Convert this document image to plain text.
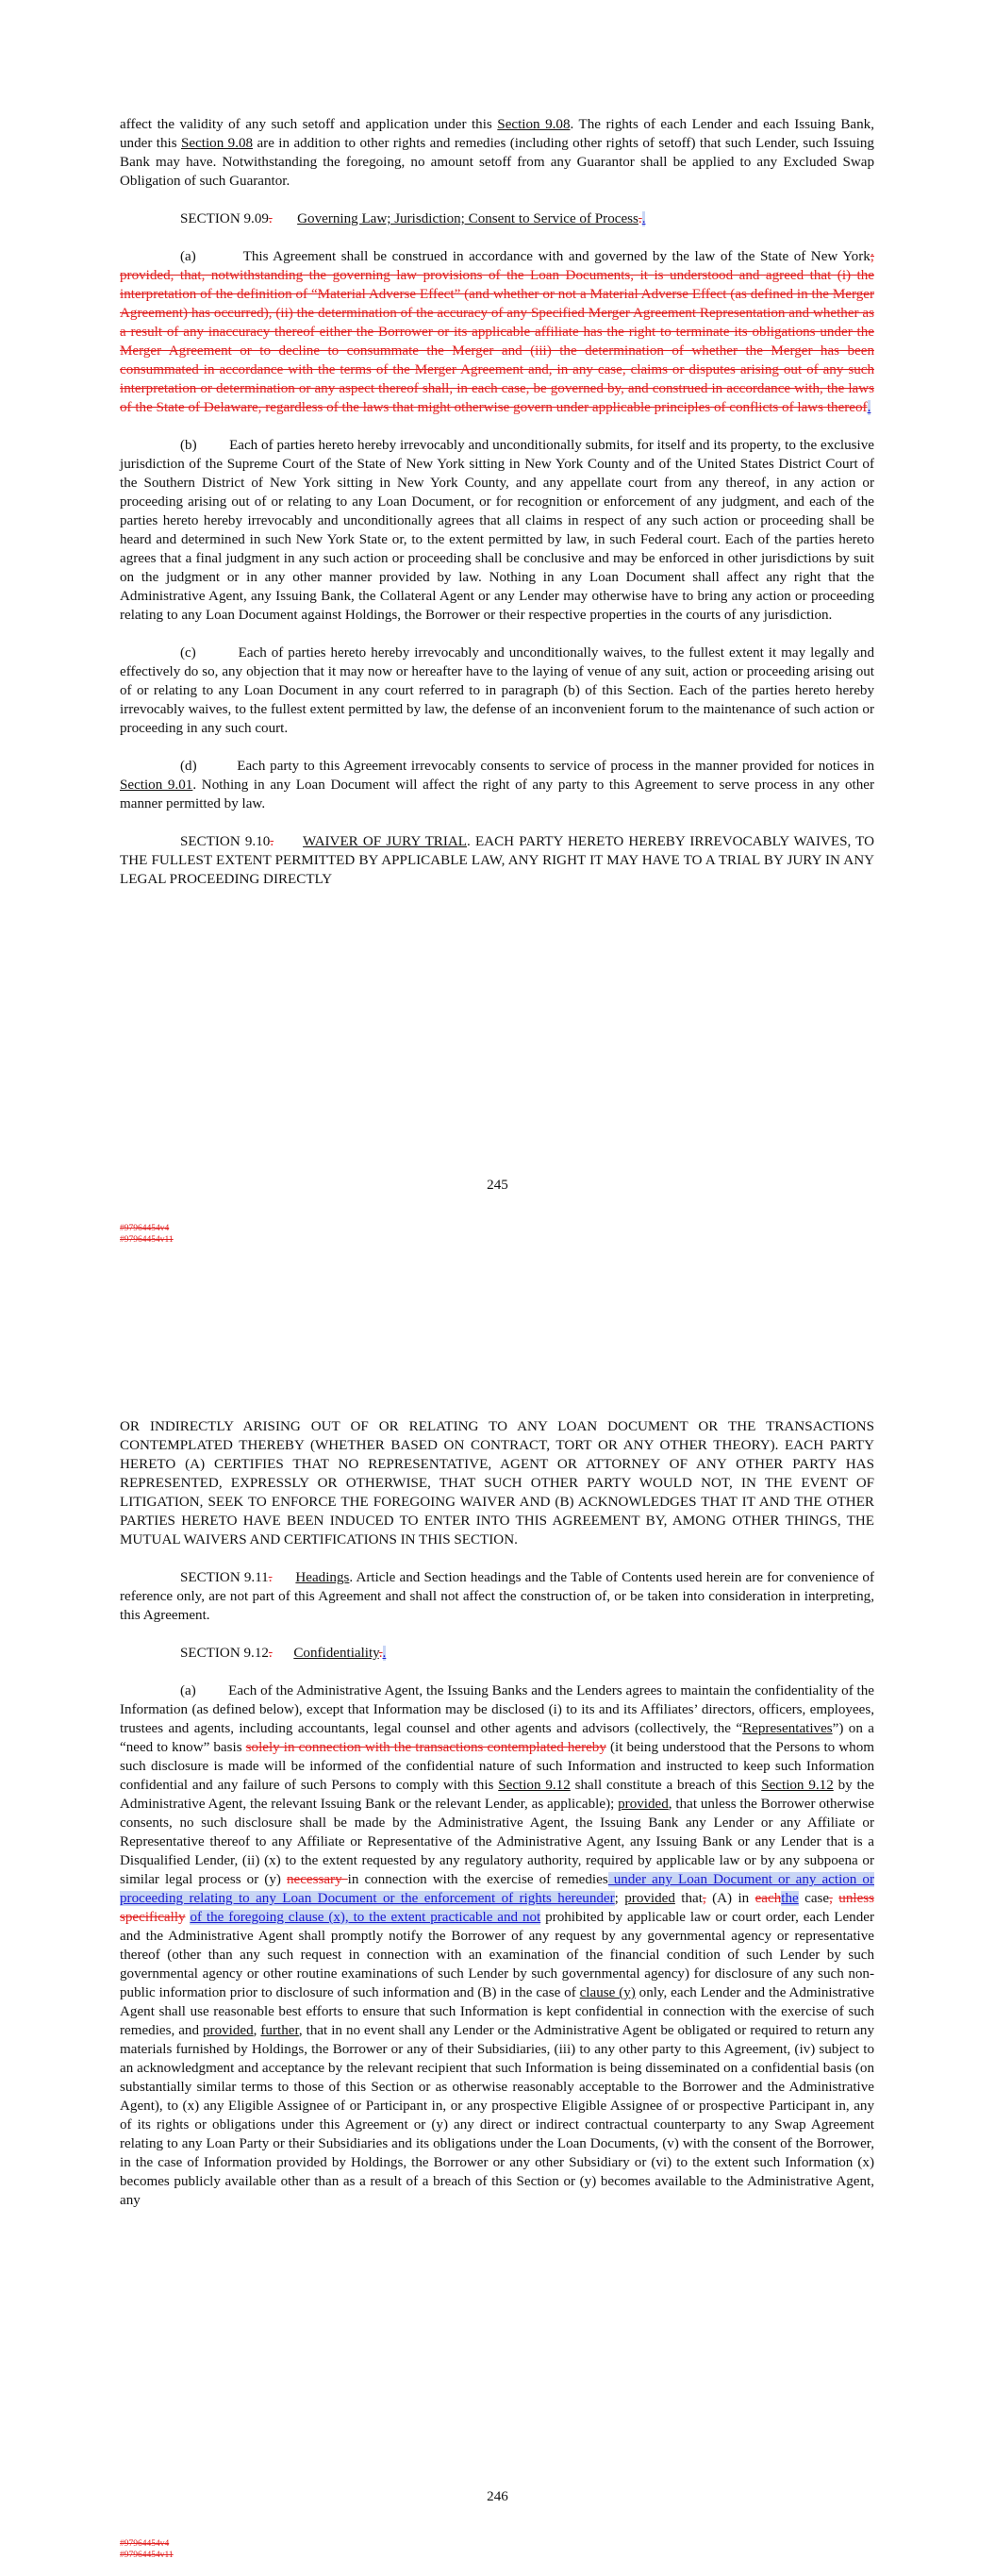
affect the validity of any such setoff and application under this Section 9.08. The rights of each Lender and each Issuing Bank, under this Section 9.08 are in addition to other rights and remedies (including other rights of setoff) that such Lender, such Issuing Bank may have. Notwithstanding the foregoing, no amount setoff from any Guarantor shall be applied to any Excluded Swap Obligation of such Guarantor.

SECTION 9.09. Governing Law; Jurisdiction; Consent to Service of Process..

(a)	This Agreement shall be construed in accordance with and governed by the law of the State of New York; provided, that, notwithstanding the governing law provisions of the Loan Documents, it is understood and agreed that (i) the interpretation of the definition of “Material Adverse Effect” (and whether or not a Material Adverse Effect (as defined in the Merger Agreement) has occurred), (ii) the determination of the accuracy of any Specified Merger Agreement Representation and whether as a result of any inaccuracy thereof either the Borrower or its applicable affiliate has the right to terminate its obligations under the Merger Agreement or to decline to consummate the Merger and (iii) the determination of whether the Merger has been consummated in accordance with the terms of the Merger Agreement and, in any case, claims or disputes arising out of any such interpretation or determination or any aspect thereof shall, in each case, be governed by, and construed in accordance with, the laws of the State of Delaware, regardless of the laws that might otherwise govern under applicable principles of conflicts of laws thereof.

(b) Each of parties hereto hereby irrevocably and unconditionally submits, for itself and its property, to the exclusive jurisdiction of the Supreme Court of the State of New York sitting in New York County and of the United States District Court of the Southern District of New York sitting in New York County, and any appellate court from any thereof, in any action or proceeding arising out of or relating to any Loan Document, or for recognition or enforcement of any judgment, and each of the parties hereto hereby irrevocably and unconditionally agrees that all claims in respect of any such action or proceeding shall be heard and determined in such New York State or, to the extent permitted by law, in such Federal court. Each of the parties hereto agrees that a final judgment in any such action or proceeding shall be conclusive and may be enforced in other jurisdictions by suit on the judgment or in any other manner provided by law. Nothing in any Loan Document shall affect any right that the Administrative Agent, any Issuing Bank, the Collateral Agent or any Lender may otherwise have to bring any action or proceeding relating to any Loan Document against Holdings, the Borrower or their respective properties in the courts of any jurisdiction.

(c)	Each of parties hereto hereby irrevocably and unconditionally waives, to the fullest extent it may legally and effectively do so, any objection that it may now or hereafter have to the laying of venue of any suit, action or proceeding arising out of or relating to any Loan Document in any court referred to in paragraph (b) of this Section. Each of the parties hereto hereby irrevocably waives, to the fullest extent permitted by law, the defense of an inconvenient forum to the maintenance of such action or proceeding in any such court.

(d)	Each party to this Agreement irrevocably consents to service of process in the manner provided for notices in Section 9.01. Nothing in any Loan Document will affect the right of any party to this Agreement to serve process in any other manner permitted by law.

SECTION 9.10. WAIVER OF JURY TRIAL. EACH PARTY HERETO HEREBY IRREVOCABLY WAIVES, TO THE FULLEST EXTENT PERMITTED BY APPLICABLE LAW, ANY RIGHT IT MAY HAVE TO A TRIAL BY JURY IN ANY LEGAL PROCEEDING DIRECTLY

245
#97964454v4
#97964454v11

OR INDIRECTLY ARISING OUT OF OR RELATING TO ANY LOAN DOCUMENT OR THE TRANSACTIONS CONTEMPLATED THEREBY (WHETHER BASED ON CONTRACT, TORT OR ANY OTHER THEORY). EACH PARTY HERETO (A) CERTIFIES THAT NO REPRESENTATIVE, AGENT OR ATTORNEY OF ANY OTHER PARTY HAS REPRESENTED, EXPRESSLY OR OTHERWISE, THAT SUCH OTHER PARTY WOULD NOT, IN THE EVENT OF LITIGATION, SEEK TO ENFORCE THE FOREGOING WAIVER AND (B) ACKNOWLEDGES THAT IT AND THE OTHER PARTIES HERETO HAVE BEEN INDUCED TO ENTER INTO THIS AGREEMENT BY, AMONG OTHER THINGS, THE MUTUAL WAIVERS AND CERTIFICATIONS IN THIS SECTION.

SECTION 9.11. Headings. Article and Section headings and the Table of Contents used herein are for convenience of reference only, are not part of this Agreement and shall not affect the construction of, or be taken into consideration in interpreting, this Agreement.

SECTION 9.12. Confidentiality..

(a) Each of the Administrative Agent, the Issuing Banks and the Lenders agrees to maintain the confidentiality of the Information (as defined below), except that Information may be disclosed (i) to its and its Affiliates’ directors, officers, employees, trustees and agents, including accountants, legal counsel and other agents and advisors (collectively, the “Representatives”) on a “need to know” basis solely in connection with the transactions contemplated hereby (it being understood that the Persons to whom such disclosure is made will be informed of the confidential nature of such Information and instructed to keep such Information confidential and any failure of such Persons to comply with this Section 9.12 shall constitute a breach of this Section 9.12 by the Administrative Agent, the relevant Issuing Bank or the relevant Lender, as applicable); provided, that unless the Borrower otherwise consents, no such disclosure shall be made by the Administrative Agent, the Issuing Bank any Lender or any Affiliate or Representative thereof to any Affiliate or Representative of the Administrative Agent, any Issuing Bank or any Lender that is a Disqualified Lender, (ii) (x) to the extent requested by any regulatory authority, required by applicable law or by any subpoena or similar legal process or (y) necessary in connection with the exercise of remedies under any Loan Document or any action or proceeding relating to any Loan Document or the enforcement of rights hereunder; provided that, (A) in eachthe case, unless specifically of the foregoing clause (x), to the extent practicable and not prohibited by applicable law or court order, each Lender and the Administrative Agent shall promptly notify the Borrower of any request by any governmental agency or representative thereof (other than any such request in connection with an examination of the financial condition of such Lender by such governmental agency or other routine examinations of such Lender by such governmental agency) for disclosure of any such non-public information prior to disclosure of such information and (B) in the case of clause (y) only, each Lender and the Administrative Agent shall use reasonable best efforts to ensure that such Information is kept confidential in connection with the exercise of such remedies, and provided, further, that in no event shall any Lender or the Administrative Agent be obligated or required to return any materials furnished by Holdings, the Borrower or any of their Subsidiaries, (iii) to any other party to this Agreement, (iv) subject to an acknowledgment and acceptance by the relevant recipient that such Information is being disseminated on a confidential basis (on substantially similar terms to those of this Section or as otherwise reasonably acceptable to the Borrower and the Administrative Agent), to (x) any Eligible Assignee of or Participant in, or any prospective Eligible Assignee of or prospective Participant in, any of its rights or obligations under this Agreement or (y) any direct or indirect contractual counterparty to any Swap Agreement relating to any Loan Party or their Subsidiaries and its obligations under the Loan Documents, (v) with the consent of the Borrower, in the case of Information provided by Holdings, the Borrower or any other Subsidiary or (vi) to the extent such Information (x) becomes publicly available other than as a result of a breach of this Section or (y) becomes available to the Administrative Agent, any

246
#97964454v4
#97964454v11
